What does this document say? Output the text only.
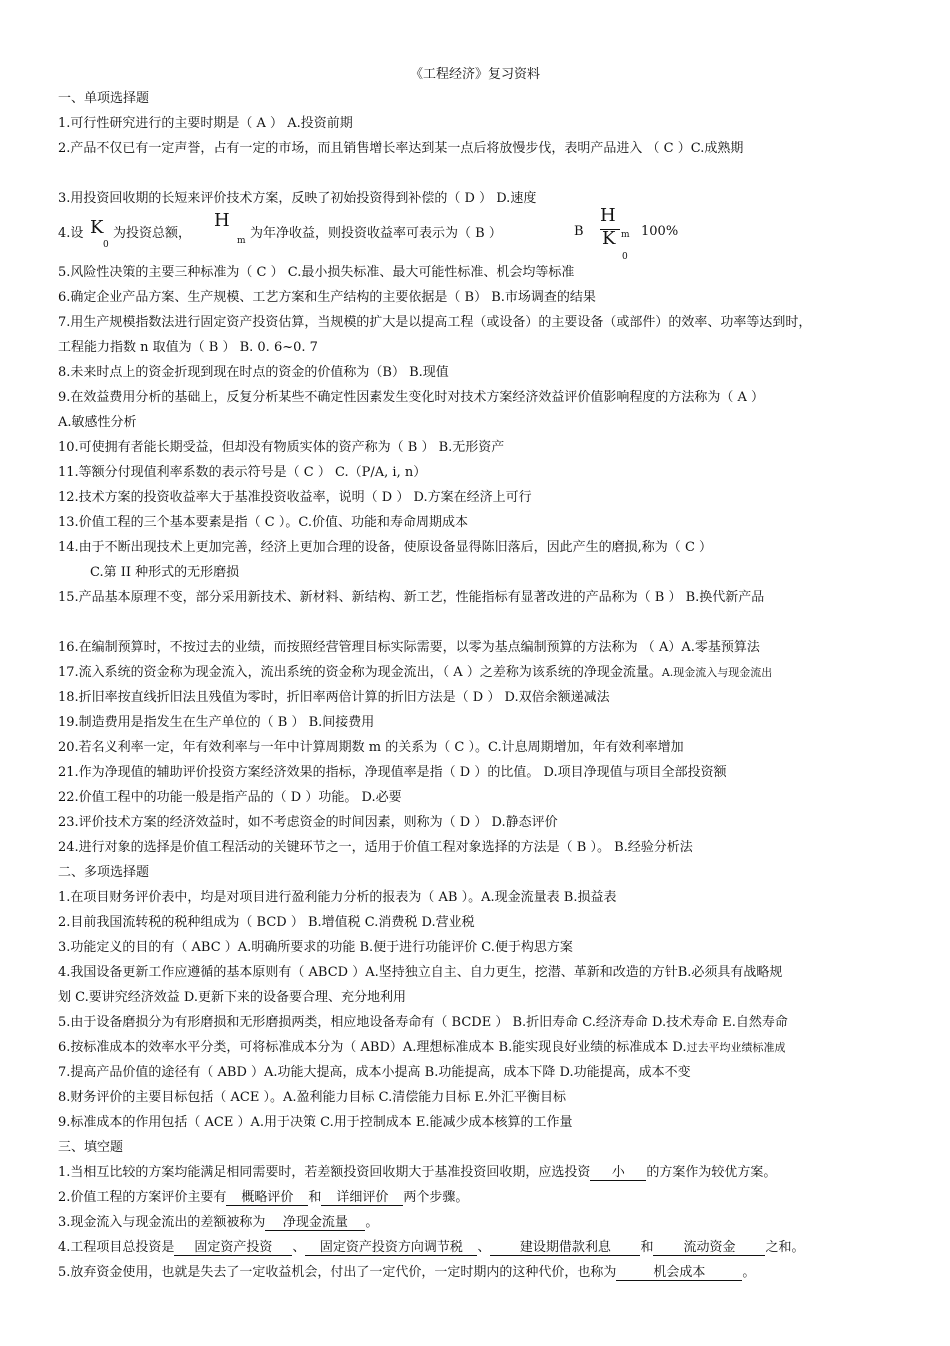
《工程经济》复习资料
一、单项选择题
1.可行性研究进行的主要时期是（ A ） A.投资前期
2.产品不仅已有一定声誉，占有一定的市场，而且销售增长率达到某一点后将放慢步伐，表明产品进入 （ C ）C.成熟期
3.用投资回收期的长短来评价技术方案，反映了初始投资得到补偿的（ D ） D.速度
4.设 K
0
为投资总额，
H
m 为年净收益，则投资收益率可表示为（ B ）	B
H
K m
0
100%
5.风险性决策的主要三种标准为（ C ） C.最小损失标准、最大可能性标准、机会均等标准
6.确定企业产品方案、生产规模、工艺方案和生产结构的主要依据是（ B） B.市场调查的结果
7.用生产规模指数法进行固定资产投资估算，当规模的扩大是以提高工程（或设备）的主要设备（或部件）的效率、功率等达到时，
工程能力指数 n 取值为（ B ） B. 0. 6~0. 7
8.未来时点上的资金折现到现在时点的资金的价值称为（B） B.现值
9.在效益费用分析的基础上，反复分析某些不确定性因素发生变化时对技术方案经济效益评价值影响程度的方法称为（ A ）
A.敏感性分析
10.可使拥有者能长期受益，但却没有物质实体的资产称为（ B ） B.无形资产
11.等额分付现值利率系数的表示符号是（ C ） C.（P/A, i, n）
12.技术方案的投资收益率大于基准投资收益率，说明（ D ） D.方案在经济上可行
13.价值工程的三个基本要素是指（ C ）。C.价值、功能和寿命周期成本
14.由于不断出现技术上更加完善，经济上更加合理的设备，使原设备显得陈旧落后，因此产生的磨损,称为（ C ）
C.第 II 种形式的无形磨损
15.产品基本原理不变，部分采用新技术、新材料、新结构、新工艺，性能指标有显著改进的产品称为（ B ） B.换代新产品
16.在编制预算时，不按过去的业绩，而按照经营管理目标实际需要，以零为基点编制预算的方法称为 （ A）A.零基预算法
17.流入系统的资金称为现金流入，流出系统的资金称为现金流出，（ A ）之差称为该系统的净现金流量。A.现金流入与现金流出
18.折旧率按直线折旧法且残值为零时，折旧率两倍计算的折旧方法是（ D ） D.双倍余额递减法
19.制造费用是指发生在生产单位的（ B ） B.间接费用
20.若名义利率一定，年有效利率与一年中计算周期数 m 的关系为（ C ）。C.计息周期增加，年有效利率增加
21.作为净现值的辅助评价投资方案经济效果的指标，净现值率是指（ D ）的比值。 D.项目净现值与项目全部投资额
22.价值工程中的功能一般是指产品的（ D ）功能。 D.必要
23.评价技术方案的经济效益时，如不考虑资金的时间因素，则称为（ D ） D.静态评价
24.进行对象的选择是价值工程活动的关键环节之一，适用于价值工程对象选择的方法是（ B ）。 B.经验分析法
二、多项选择题
1.在项目财务评价表中，均是对项目进行盈利能力分析的报表为（ AB ）。A.现金流量表 B.损益表
2.目前我国流转税的税种组成为（ BCD ） B.增值税 C.消费税 D.营业税
3.功能定义的目的有（ ABC ）A.明确所要求的功能 B.便于进行功能评价 C.便于构思方案
4.我国设备更新工作应遵循的基本原则有（ ABCD ）A.坚持独立自主、自力更生，挖潜、革新和改造的方针B.必须具有战略规
划 C.要讲究经济效益 D.更新下来的设备要合理、充分地利用
5.由于设备磨损分为有形磨损和无形磨损两类，相应地设备寿命有（ BCDE ） B.折旧寿命 C.经济寿命 D.技术寿命 E.自然寿命
6.按标准成本的效率水平分类，可将标准成本分为（ ABD）A.理想标准成本 B.能实现良好业绩的标准成本 D.过去平均业绩标准成
7.提高产品价值的途径有（ ABD ）A.功能大提高，成本小提高 B.功能提高，成本下降 D.功能提高，成本不变
8.财务评价的主要目标包括（ ACE ）。A.盈利能力目标 C.清偿能力目标 E.外汇平衡目标
9.标准成本的作用包括（ ACE ）A.用于决策 C.用于控制成本 E.能减少成本核算的工作量
三、填空题
1.当相互比较的方案均能满足相同需要时，若差额投资回收期大于基准投资回收期，应选投资 小 的方案作为较优方案。
2.价值工程的方案评价主要有 概略评价 和 详细评价 两个步骤。
3.现金流入与现金流出的差额被称为 净现金流量 。
4.工程项目总投资是 固定资产投资 、 固定资产投资方向调节税 、 建设期借款利息 和 流动资金 之和。
5.放弃资金使用，也就是失去了一定收益机会，付出了一定代价，一定时期内的这种代价，也称为	机会成本	。
